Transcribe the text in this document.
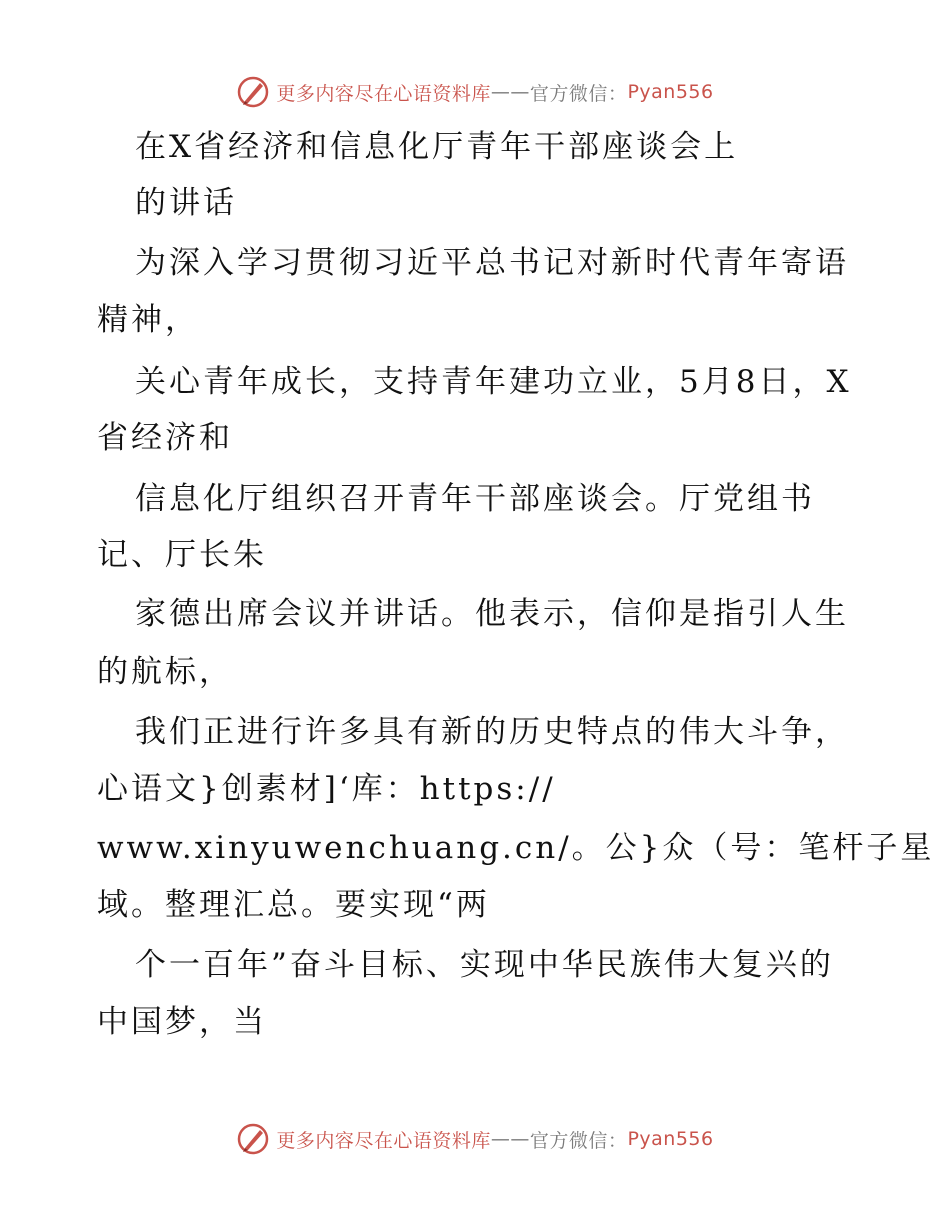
更多内容尽在心语资料库 —— 官方微信： Pyan556
在X省经济和信息化厅青年干部座谈会上
的讲话
为深入学习贯彻习近平总书记对新时代青年寄语
精神，
关心青年成长，支持青年建功立业，5月8日，X
省经济和
信息化厅组织召开青年干部座谈会。厅党组书
记、厅长朱
家德出席会议并讲话。他表示，信仰是指引人生
的航标，
我们正进行许多具有新的历史特点的伟大斗争，
心语文}创素材]‘库：https://
www.xinyuwenchuang.cn/。公}众（号：笔杆子星
域。整理汇总。要实现“两
个一百年”奋斗目标、实现中华民族伟大复兴的
中国梦，当
更多内容尽在心语资料库 —— 官方微信： Pyan556
